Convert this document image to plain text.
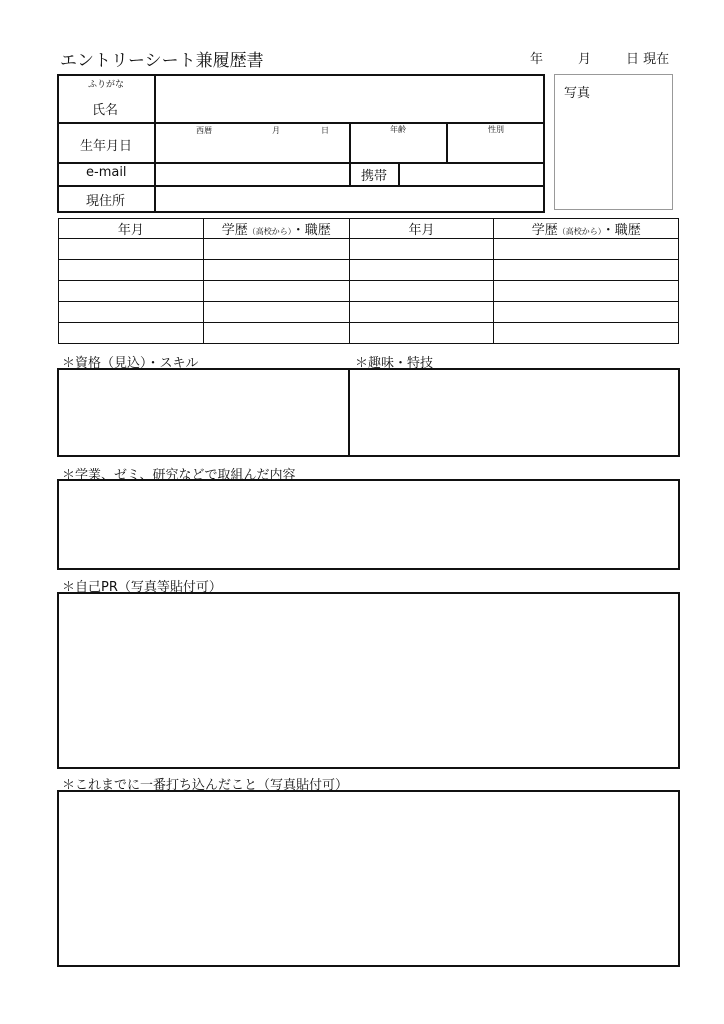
エントリーシート兼履歴書	年	月	日 現在
ふりがな
氏名
生年月日
西暦	月	日	年齢	性別
e-mail	携帯
現住所
写真
年月	学歴（高校から）・職歴	年月	学歴（高校から）・職歴

＊資格（見込）・スキル	＊趣味・特技
＊学業、ゼミ、研究などで取組んだ内容
＊自己PR（写真等貼付可）
＊これまでに一番打ち込んだこと（写真貼付可）
